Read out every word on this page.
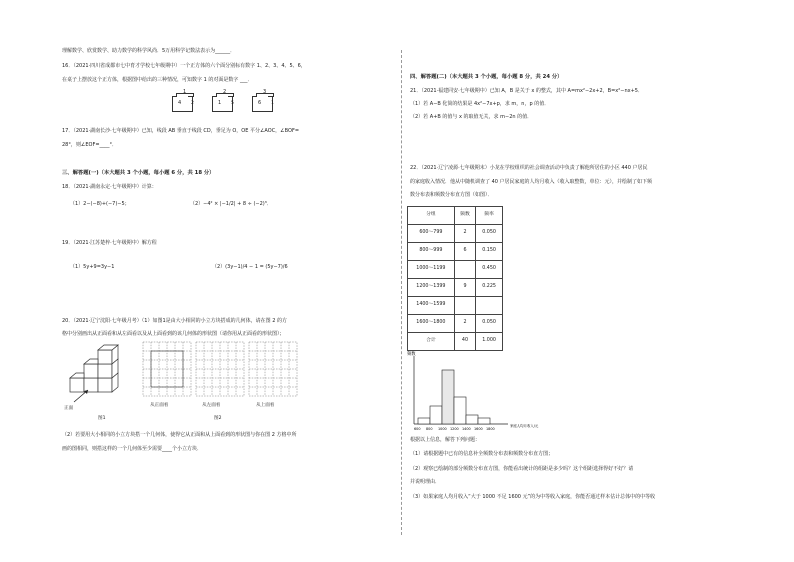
理解数学、欣赏数学、助力数学的科学风尚．5万用科学记数法表示为______．
16．（2021·四川省成都市七中育才学校七年级期中）一个正方体的六个面分别标有数字 1、2、3、4、5、6，
在桌子上摆放这个正方体，根据图中给出的三种情况，可知数字 1 的对面是数字 ___．
4
1
2	1
2
5	6
3
1
17．（2021·湖南长沙·七年级期中）已知，线段 AB 垂直于线段 CD，垂足为 O，OE 平分∠AOC，∠BOF=
28°，则∠EOF=____°．
三、解答题(一)（本大题共 3 个小题，每小题 6 分，共 18 分）
18．（2021·湖南永定·七年级期中）计算：
（1）2−(−8)+(−7)−5；	（2）−4² × |−1/2| + 8 ÷ (−2)³．
19．（2021·江苏楚梓·七年级期中）解方程
（1）5y+9=3y−1	（2）(3y−1)/4 − 1 = (5y−7)/6
20．（2021·辽宁沈阳·七年级月考）（1）如图1是由大小相同的小立方块搭成的几何体，请在图 2 的方
格中分别画出从正面看和从左面看以及从上面看到的该几何体的形状图（请你用从正面看的形状图）；
正面
图1
从正面看	从左面看	从上面看
图2
（2）若要用大小相同的小立方块搭一个几何体，使得它从正面和从上面看到的形状图与你在图 2 方格中所
画的图相同，则搭这样的一个几何体至少需要____个小立方块．
四、解答题(二)（本大题共 3 个小题，每小题 8 分，共 24 分）
21．（2021·福建同安·七年级期中）已知 A，B 是关于 x 的整式，其中 A=mx²−2x+2，B=x²−nx+5．
（1）若 A−B 化简的结果是 4x²−7x+p，求 m，n，p 的值．
（2）若 A+B 的值与 x 的取值无关，求 m−2n 的值．
22．（2021·辽宁凌源·七年级期末）小龙在学校组织的社会调查活动中负责了解他所居住的小区 440 户居民
的家庭收入情况．他从中随机调查了 40 户居民家庭的人均月收入（收入取整数，单位：元），并绘制了如下频
数分布表和频数分布直方图（如图）．
分组	频数	频率
600～799	2	0.050
800～999	6	0.150
1000～1199		0.450
1200～1399	9	0.225
1400～1599		
1600～1800	2	0.050
合计	40	1.000
频数
家庭人均月收入/元
600 800 1000 1200 1400 1600 1800
根据以上信息，解答下列问题：
（1）请根据题中已有的信息补全频数分布表和频数分布直方图；
（2）观察已绘制的部分频数分布直方图，你能看出统计的组距是多少吗？这个组距选择得好不好？请
并说明理由．
（3）如果家庭人均月收入“大于 1000 不足 1600 元”的为中等收入家庭，你能否通过样本估计总体中的中等收
